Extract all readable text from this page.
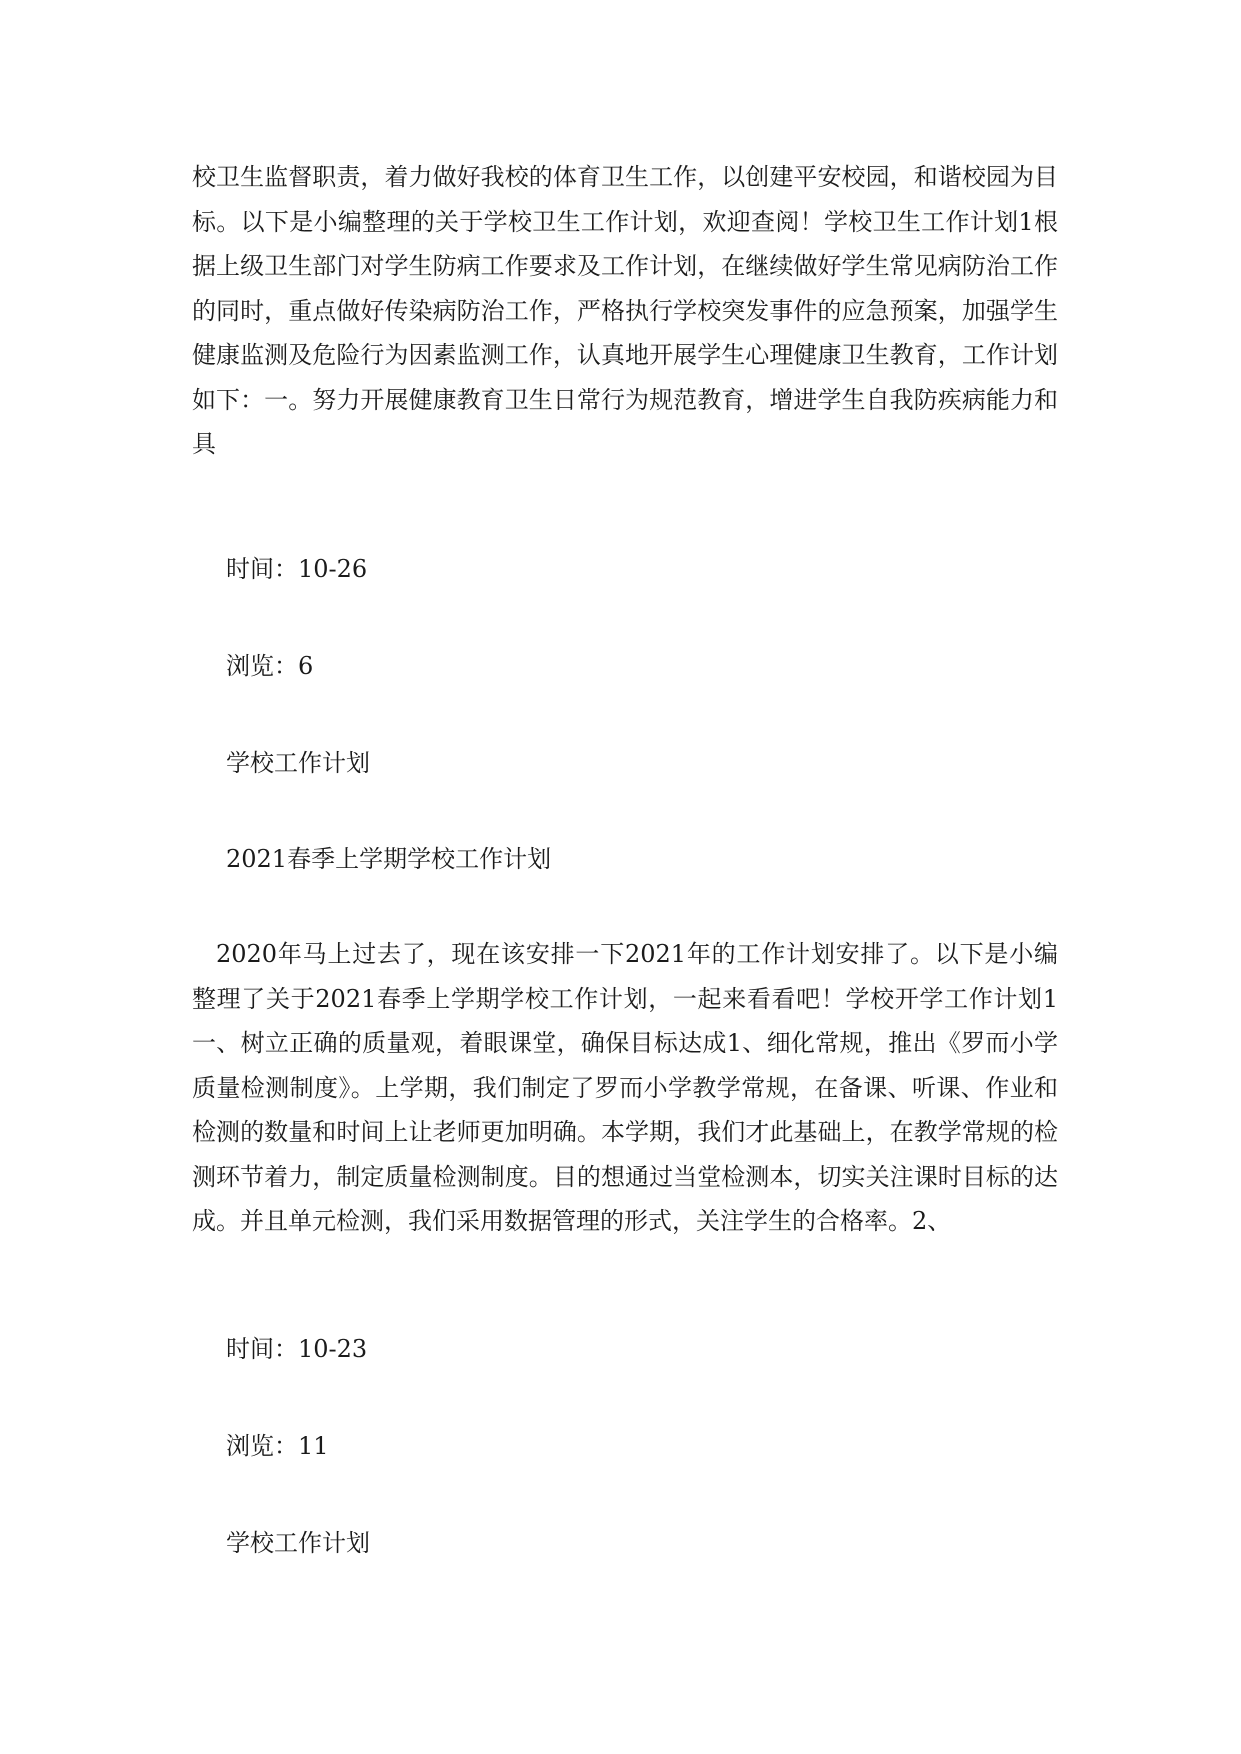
校卫生监督职责，着力做好我校的体育卫生工作，以创建平安校园，和谐校园为目标。以下是小编整理的关于学校卫生工作计划，欢迎查阅！学校卫生工作计划1根据上级卫生部门对学生防病工作要求及工作计划，在继续做好学生常见病防治工作的同时，重点做好传染病防治工作，严格执行学校突发事件的应急预案，加强学生健康监测及危险行为因素监测工作，认真地开展学生心理健康卫生教育，工作计划如下：一。努力开展健康教育卫生日常行为规范教育，增进学生自我防疾病能力和具
时间：10-26
浏览：6
学校工作计划
2021春季上学期学校工作计划
2020年马上过去了，现在该安排一下2021年的工作计划安排了。以下是小编整理了关于2021春季上学期学校工作计划，一起来看看吧！学校开学工作计划1一、树立正确的质量观，着眼课堂，确保目标达成1、细化常规，推出《罗而小学质量检测制度》。上学期，我们制定了罗而小学教学常规，在备课、听课、作业和检测的数量和时间上让老师更加明确。本学期，我们才此基础上，在教学常规的检测环节着力，制定质量检测制度。目的想通过当堂检测本，切实关注课时目标的达成。并且单元检测，我们采用数据管理的形式，关注学生的合格率。2、
时间：10-23
浏览：11
学校工作计划
